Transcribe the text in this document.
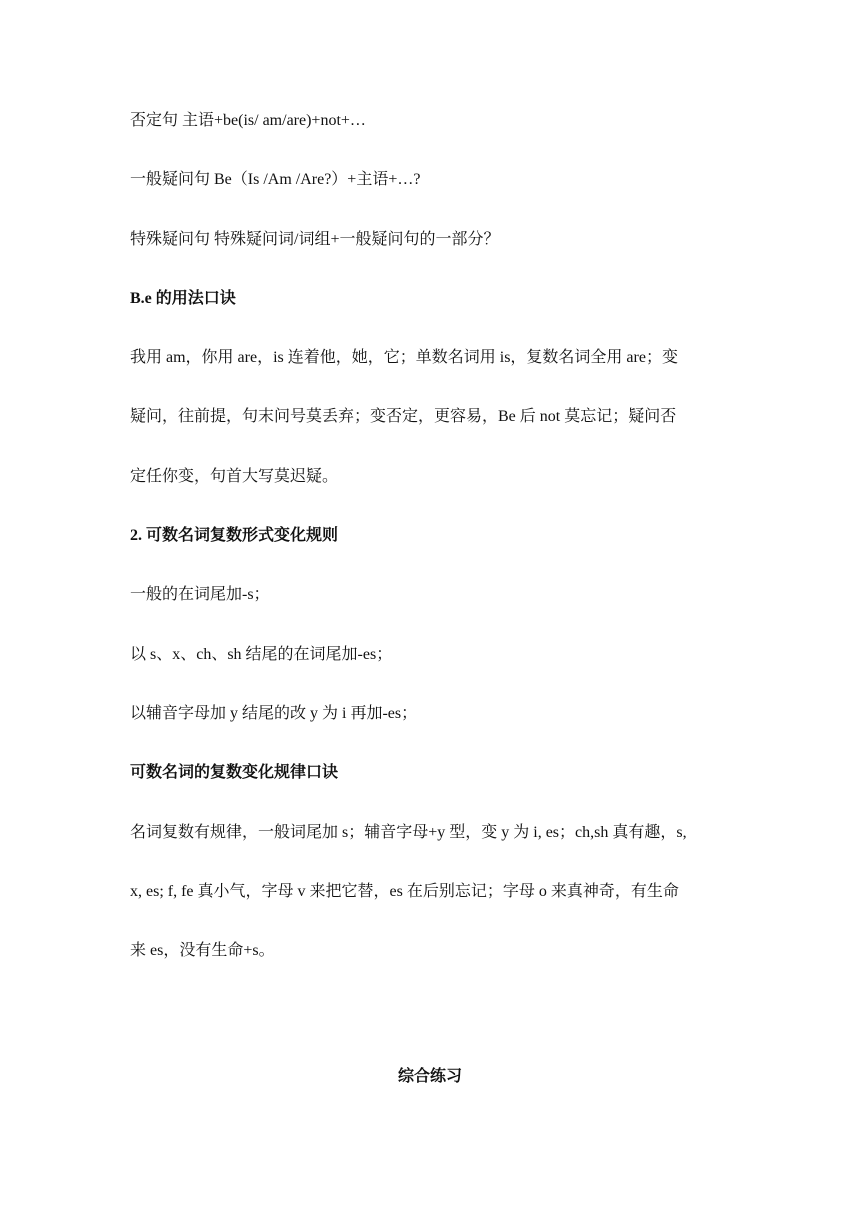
否定句 主语+be(is/ am/are)+not+…
一般疑问句 Be（Is /Am /Are?）+主语+…?
特殊疑问句 特殊疑问词/词组+一般疑问句的一部分？
B.e 的用法口诀
我用 am，你用 are，is 连着他，她，它；单数名词用 is，复数名词全用 are；变
疑问，往前提，句末问号莫丢弃；变否定，更容易，Be 后 not 莫忘记；疑问否
定任你变，句首大写莫迟疑。
2. 可数名词复数形式变化规则
一般的在词尾加-s；
以 s、x、ch、sh 结尾的在词尾加-es；
以辅音字母加 y 结尾的改 y 为 i 再加-es；
可数名词的复数变化规律口诀
名词复数有规律，一般词尾加 s；辅音字母+y 型，变 y 为 i, es；ch,sh 真有趣，s,
x, es; f, fe 真小气，字母 v 来把它替，es 在后别忘记；字母 o 来真神奇，有生命
来 es，没有生命+s。
综合练习
